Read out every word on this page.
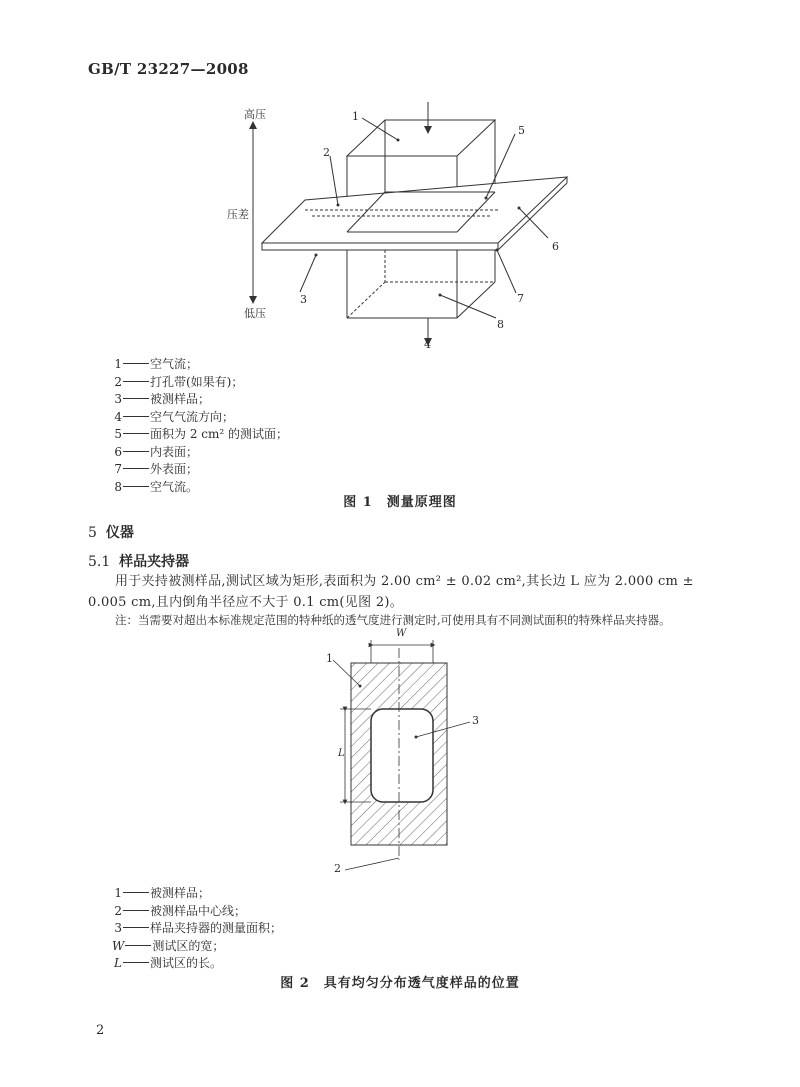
GB/T 23227—2008
高压
压差
低压
1
2
3
4
5
6
7
8
1 空气流；
2 打孔带(如果有)；
3 被测样品；
4 空气气流方向；
5 面积为 2 cm² 的测试面；
6 内表面；
7 外表面；
8 空气流。
图 1　测量原理图
5 仪器
5.1 样品夹持器
用于夹持被测样品,测试区域为矩形,表面积为 2.00 cm² ± 0.02 cm²,其长边 L 应为 2.000 cm ±
0.005 cm,且内倒角半径应不大于 0.1 cm(见图 2)。
注：当需要对超出本标准规定范围的特种纸的透气度进行测定时,可使用具有不同测试面积的特殊样品夹持器。
W
L
1
2
3
1 被测样品；
2 被测样品中心线；
3 样品夹持器的测量面积；
W 测试区的宽；
L 测试区的长。
图 2　具有均匀分布透气度样品的位置
2
